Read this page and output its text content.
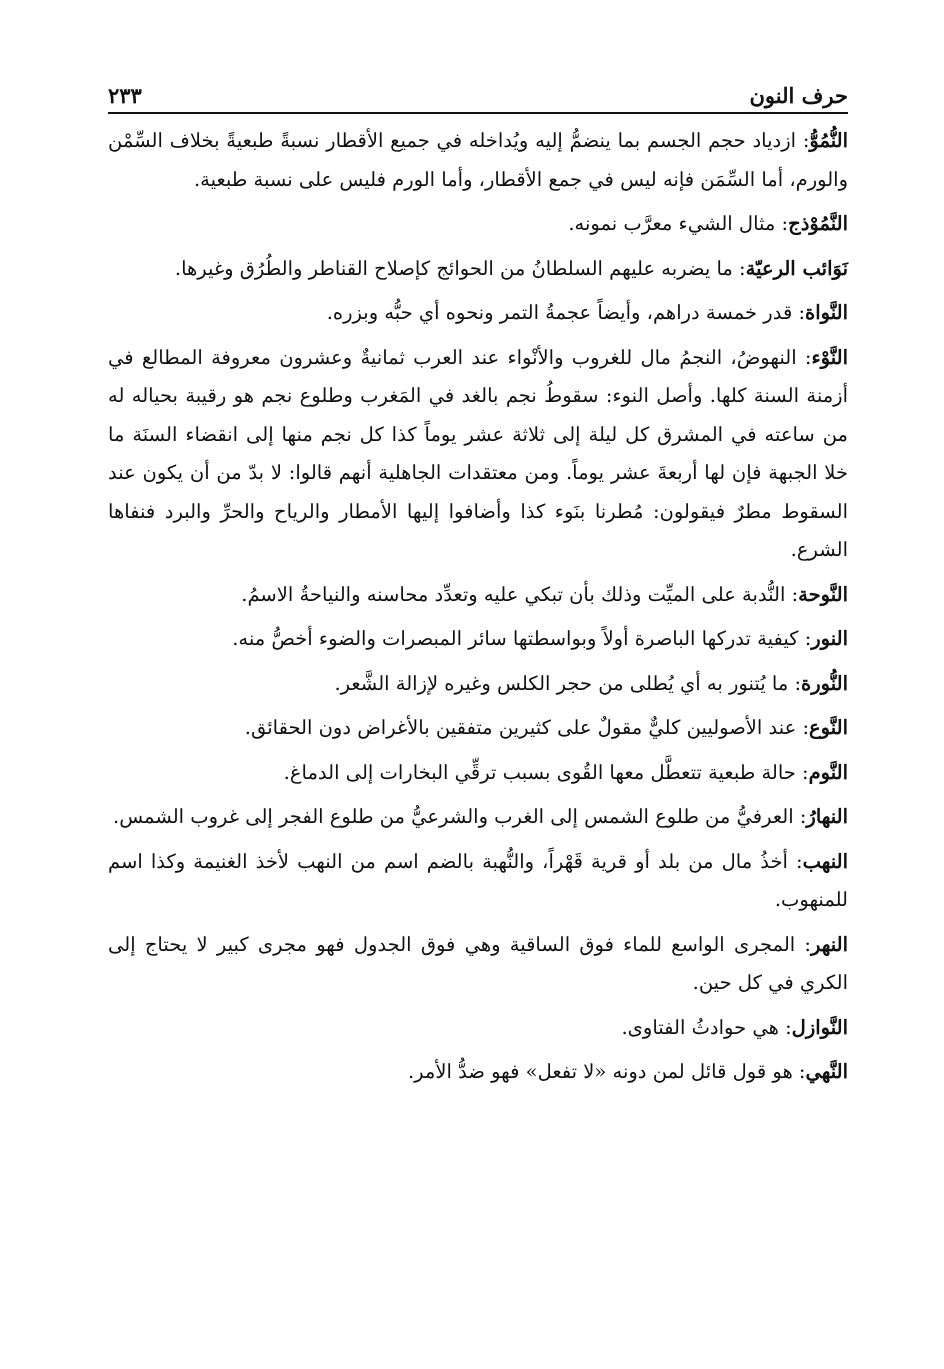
حرف النون
٢٣٣

النُّمُوُّ: ازدياد حجم الجسم بما ينضمُّ إليه ويُداخله في جميع الأقطار نسبةً طبعيةً بخلاف السِّمْن والورم، أما السِّمَن فإنه ليس في جمع الأقطار، وأما الورم فليس على نسبة طبعية.

النَّمُوْذج: مثال الشيء معرَّب نمونه.

نَوَائب الرعيّة: ما يضربه عليهم السلطانُ من الحوائج كإصلاح القناطر والطُرُق وغيرها.

النَّواة: قدر خمسة دراهم، وأيضاً عجمةُ التمر ونحوه أي حبُّه وبزره.

النَّوْء: النهوضُ، النجمُ مال للغروب والأنْواء عند العرب ثمانيةٌ وعشرون معروفة المطالع في أزمنة السنة كلها. وأصل النوء: سقوطُ نجم بالغد في المَغرب وطلوع نجم هو رقيبة بحياله له من ساعته في المشرق كل ليلة إلى ثلاثة عشر يوماً كذا كل نجم منها إلى انقضاء السنَة ما خلا الجبهة فإن لها أربعةَ عشر يوماً. ومن معتقدات الجاهلية أنهم قالوا: لا بدّ من أن يكون عند السقوط مطرٌ فيقولون: مُطرنا بنَوء كذا وأضافوا إليها الأمطار والرياح والحرِّ والبرد فنفاها الشرع.

النَّوحة: النُّدبة على الميِّت وذلك بأن تبكي عليه وتعدِّد محاسنه والنياحةُ الاسمُ.

النور: كيفية تدركها الباصرة أولاً وبواسطتها سائر المبصرات والضوء أخصُّ منه.

النُّورة: ما يُتنور به أي يُطلى من حجر الكلس وغيره لإزالة الشَّعر.

النَّوع: عند الأصوليين كليٌّ مقولٌ على كثيرين متفقين بالأغراض دون الحقائق.

النَّوم: حالة طبعية تتعطَّل معها القُوى بسبب ترقِّي البخارات إلى الدماغ.

النهارُ: العرفيُّ من طلوع الشمس إلى الغرب والشرعيُّ من طلوع الفجر إلى غروب الشمس.

النهب: أخذُ مال من بلد أو قرية قَهْراً، والنُّهبة بالضم اسم من النهب لأخذ الغنيمة وكذا اسم للمنهوب.

النهر: المجرى الواسع للماء فوق الساقية وهي فوق الجدول فهو مجرى كبير لا يحتاج إلى الكري في كل حين.

النَّوازل: هي حوادثُ الفتاوى.

النَّهي: هو قول قائل لمن دونه «لا تفعل» فهو ضدُّ الأمر.
